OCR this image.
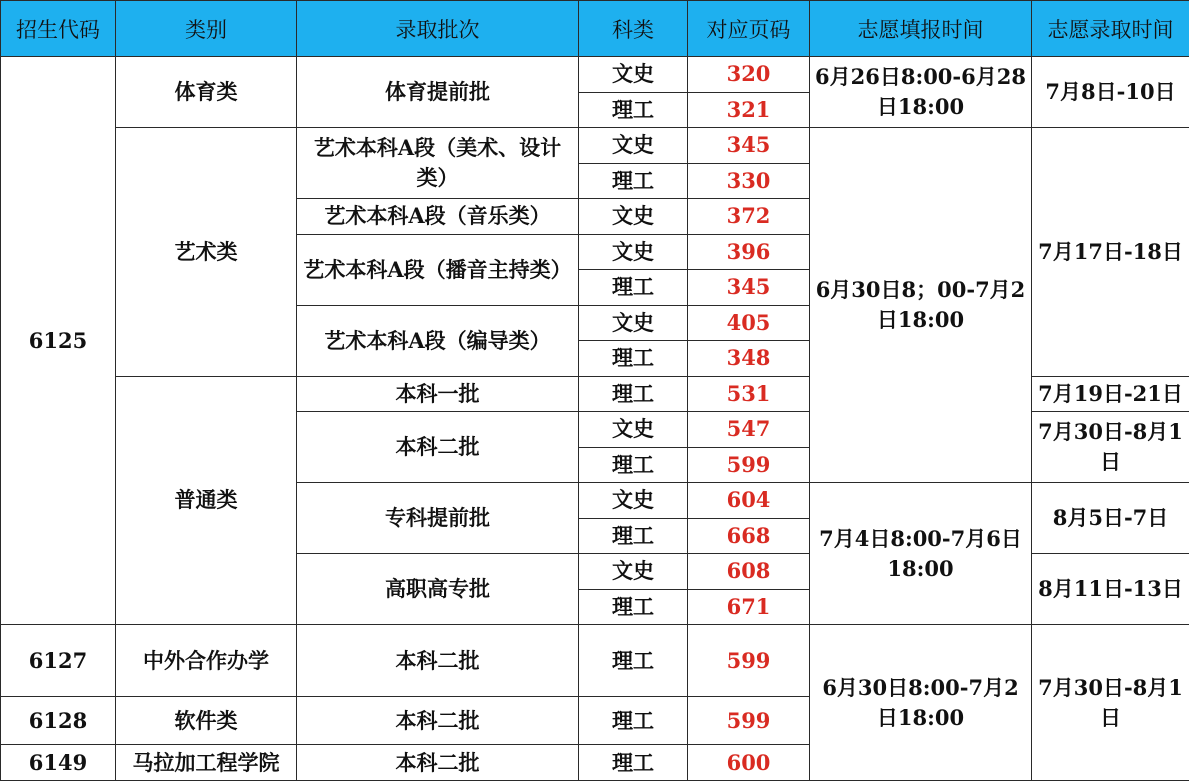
招生代码	类别	录取批次	科类	对应页码	志愿填报时间	志愿录取时间
6125	体育类	体育提前批	文史	320	6月26日8:00-6月28日18:00	7月8日-10日
			理工	321		
	艺术类	艺术本科A段（美术、设计类）	文史	345	6月30日8；00-7月2日18:00	7月17日-18日
			理工	330		
		艺术本科A段（音乐类）	文史	372		
		艺术本科A段（播音主持类）	文史	396		
			理工	345		
		艺术本科A段（编导类）	文史	405		
			理工	348		
	普通类	本科一批	理工	531		7月19日-21日
		本科二批	文史	547		7月30日-8月1日
			理工	599		
		专科提前批	文史	604	7月4日8:00-7月6日18:00	8月5日-7日
			理工	668		
		高职高专批	文史	608		8月11日-13日
			理工	671		
6127	中外合作办学	本科二批	理工	599	6月30日8:00-7月2日18:00	7月30日-8月1日
6128	软件类	本科二批	理工	599		
6149	马拉加工程学院	本科二批	理工	600		
